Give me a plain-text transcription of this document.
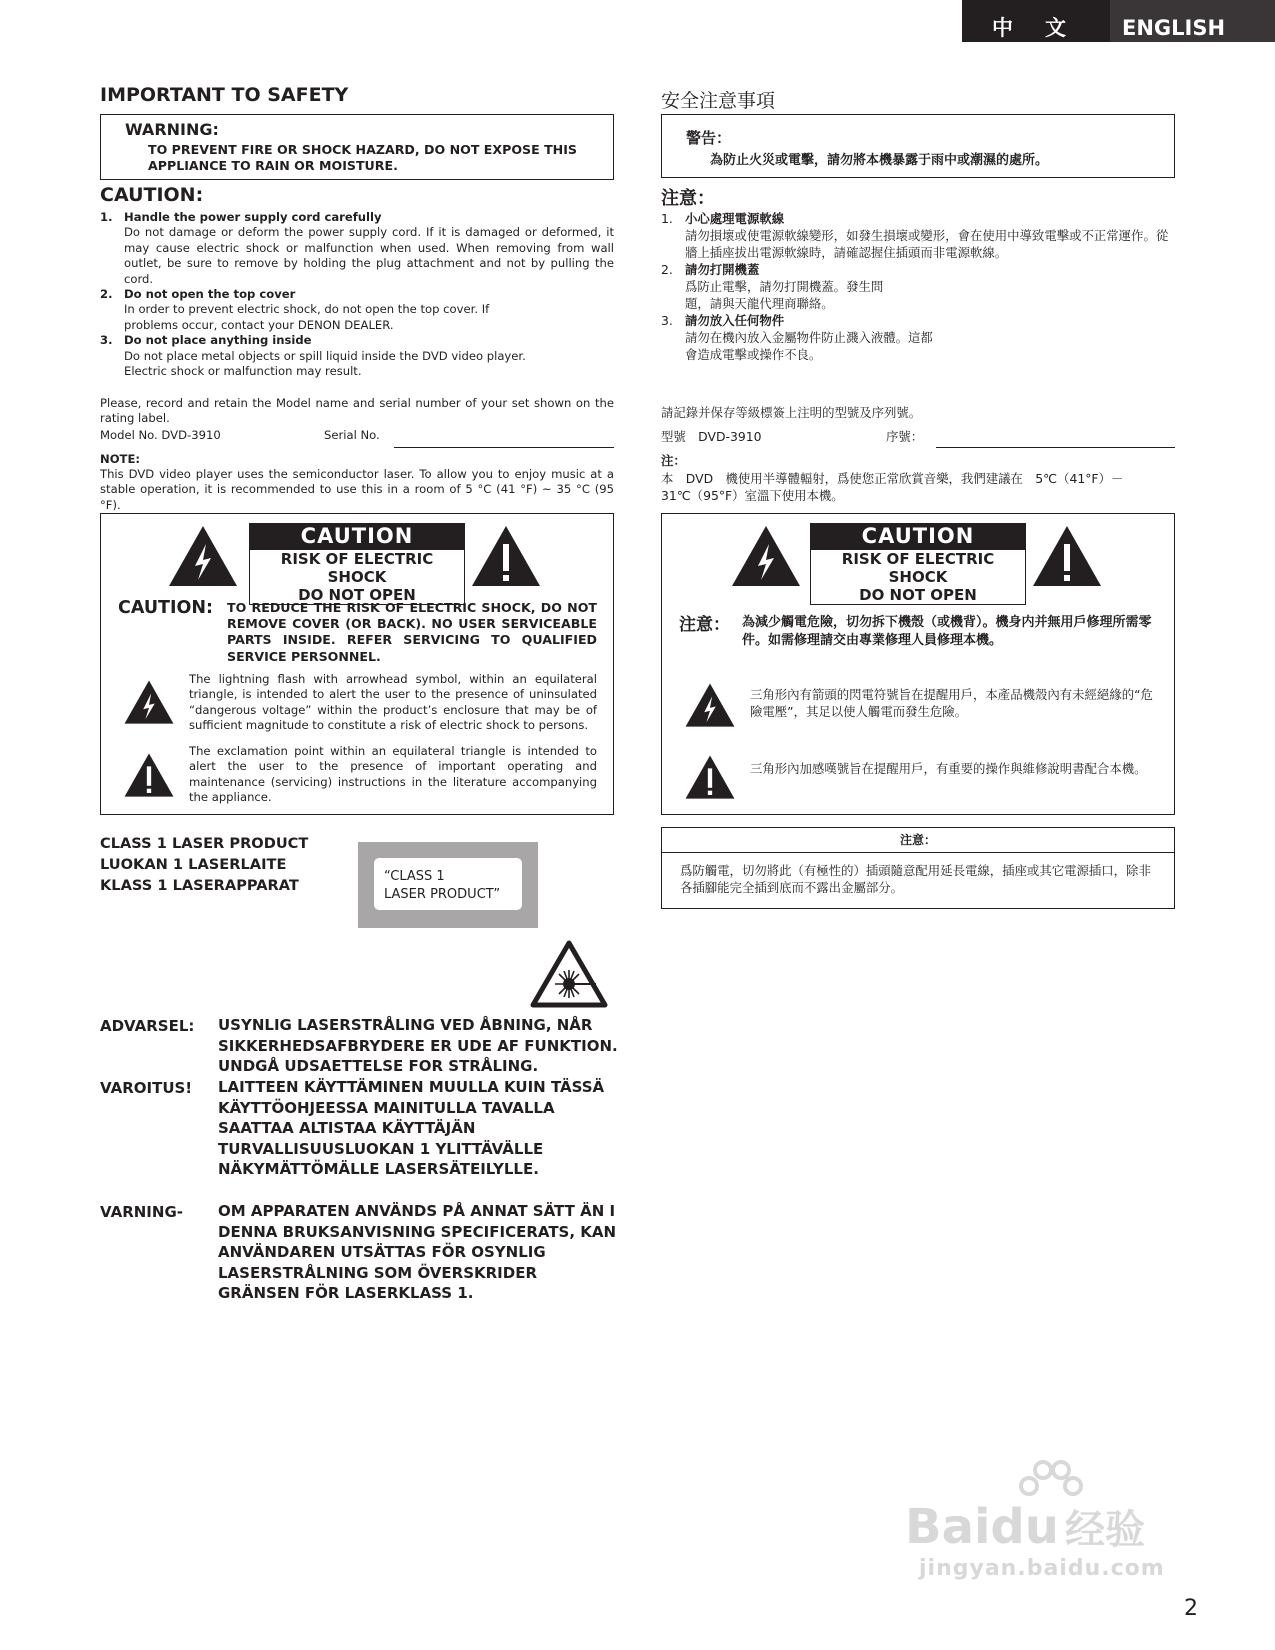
中文 ENGLISH
IMPORTANT TO SAFETY
WARNING:
TO PREVENT FIRE OR SHOCK HAZARD, DO NOT EXPOSE THIS
APPLIANCE TO RAIN OR MOISTURE.
CAUTION:
1. Handle the power supply cord carefully
Do not damage or deform the power supply cord. If it is damaged or deformed, it may cause electric shock or malfunction when used. When removing from wall outlet, be sure to remove by holding the plug attachment and not by pulling the cord.
2. Do not open the top cover
In order to prevent electric shock, do not open the top cover. If problems occur, contact your DENON DEALER.
3. Do not place anything inside
Do not place metal objects or spill liquid inside the DVD video player. Electric shock or malfunction may result.
Please, record and retain the Model name and serial number of your set shown on the rating label.
Model No. DVD-3910	Serial No.
NOTE:
This DVD video player uses the semiconductor laser. To allow you to enjoy music at a stable operation, it is recommended to use this in a room of 5 °C (41 °F) ~ 35 °C (95 °F).
CAUTION
RISK OF ELECTRIC SHOCK
DO NOT OPEN
CAUTION: TO REDUCE THE RISK OF ELECTRIC SHOCK, DO NOT REMOVE COVER (OR BACK). NO USER SERVICEABLE PARTS INSIDE. REFER SERVICING TO QUALIFIED SERVICE PERSONNEL.
The lightning flash with arrowhead symbol, within an equilateral triangle, is intended to alert the user to the presence of uninsulated “dangerous voltage” within the product’s enclosure that may be of sufficient magnitude to constitute a risk of electric shock to persons.
The exclamation point within an equilateral triangle is intended to alert the user to the presence of important operating and maintenance (servicing) instructions in the literature accompanying the appliance.
CLASS 1 LASER PRODUCT
LUOKAN 1 LASERLAITE
KLASS 1 LASERAPPARAT
“CLASS 1
LASER PRODUCT”
ADVARSEL: USYNLIG LASERSTRÅLING VED ÅBNING, NÅR SIKKERHEDSAFBRYDERE ER UDE AF FUNKTION. UNDGÅ UDSAETTELSE FOR STRÅLING.
VAROITUS! LAITTEEN KÄYTTÄMINEN MUULLA KUIN TÄSSÄ KÄYTTÖOHJEESSA MAINITULLA TAVALLA SAATTAA ALTISTAA KÄYTTÄJÄN TURVALLISUUSLUOKAN 1 YLITTÄVÄLLE NÄKYMÄTTÖMÄLLE LASERSÄTEILYLLE.
VARNING- OM APPARATEN ANVÄNDS PÅ ANNAT SÄTT ÄN I DENNA BRUKSANVISNING SPECIFICERATS, KAN ANVÄNDAREN UTSÄTTAS FÖR OSYNLIG LASERSTRÅLNING SOM ÖVERSKRIDER GRÄNSEN FÖR LASERKLASS 1.
安全注意事項
警告：
為防止火災或電擊，請勿將本機暴露于雨中或潮濕的處所。
注意：
1. 小心處理電源軟線
請勿損壞或使電源軟線變形，如發生損壞或變形，會在使用中導致電擊或不正常運作。從牆上插座拔出電源軟線時，請確認握住插頭而非電源軟線。
2. 請勿打開機蓋
爲防止電擊，請勿打開機蓋。發生問題，請與天龍代理商聯絡。
3. 請勿放入任何物件
請勿在機內放入金屬物件防止濺入液體。這都會造成電擊或操作不良。
請記錄并保存等級標簽上注明的型號及序列號。
型號　DVD-3910	序號：
注：
本　DVD　機使用半導體輻射，爲使您正常欣賞音樂，我們建議在　5℃（41°F）－31℃（95°F）室溫下使用本機。
CAUTION
RISK OF ELECTRIC SHOCK
DO NOT OPEN
注意： 為減少觸電危險，切勿拆下機殼（或機背）。機身内并無用戶修理所需零件。如需修理請交由專業修理人員修理本機。
三角形內有箭頭的閃電符號旨在提醒用戶，本產品機殼內有未經絕緣的“危險電壓”，其足以使人觸電而發生危險。
三角形內加感嘆號旨在提醒用戶，有重要的操作與維修說明書配合本機。
注意：
爲防觸電，切勿將此（有極性的）插頭隨意配用延長電線，插座或其它電源插口，除非各插腳能完全插到底而不露出金屬部分。
Baidu 经验
jingyan.baidu.com
2
